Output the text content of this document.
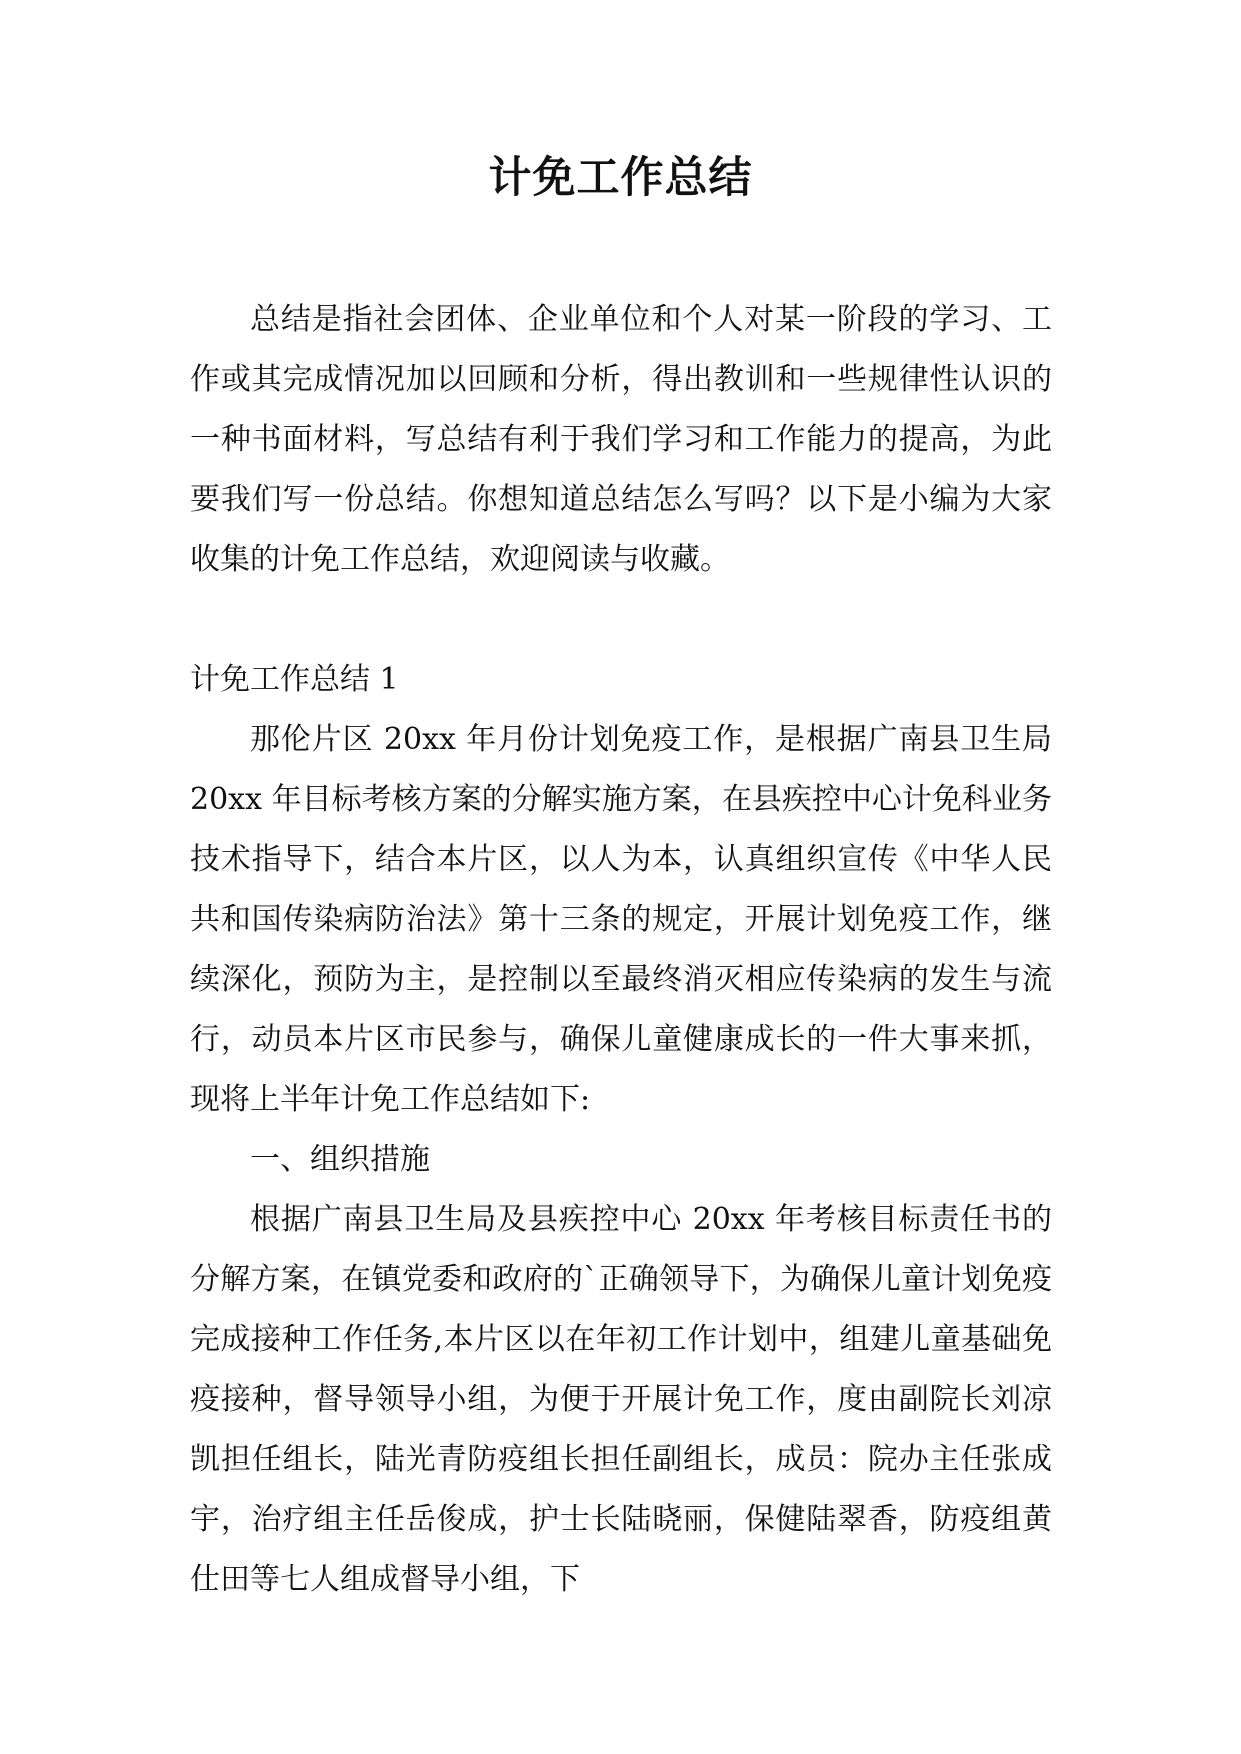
计免工作总结

总结是指社会团体、企业单位和个人对某一阶段的学习、工作或其完成情况加以回顾和分析，得出教训和一些规律性认识的一种书面材料，写总结有利于我们学习和工作能力的提高，为此要我们写一份总结。你想知道总结怎么写吗？以下是小编为大家收集的计免工作总结，欢迎阅读与收藏。

计免工作总结 1

那伦片区 20xx 年月份计划免疫工作，是根据广南县卫生局 20xx 年目标考核方案的分解实施方案，在县疾控中心计免科业务技术指导下，结合本片区，以人为本，认真组织宣传《中华人民共和国传染病防治法》第十三条的规定，开展计划免疫工作，继续深化，预防为主，是控制以至最终消灭相应传染病的发生与流行，动员本片区市民参与，确保儿童健康成长的一件大事来抓，现将上半年计免工作总结如下:

一、组织措施

根据广南县卫生局及县疾控中心 20xx 年考核目标责任书的分解方案，在镇党委和政府的`正确领导下，为确保儿童计划免疫完成接种工作任务,本片区以在年初工作计划中，组建儿童基础免疫接种，督导领导小组，为便于开展计免工作，度由副院长刘凉凯担任组长，陆光青防疫组长担任副组长，成员：院办主任张成宇，治疗组主任岳俊成，护士长陆晓丽，保健陆翠香，防疫组黄仕田等七人组成督导小组，下
